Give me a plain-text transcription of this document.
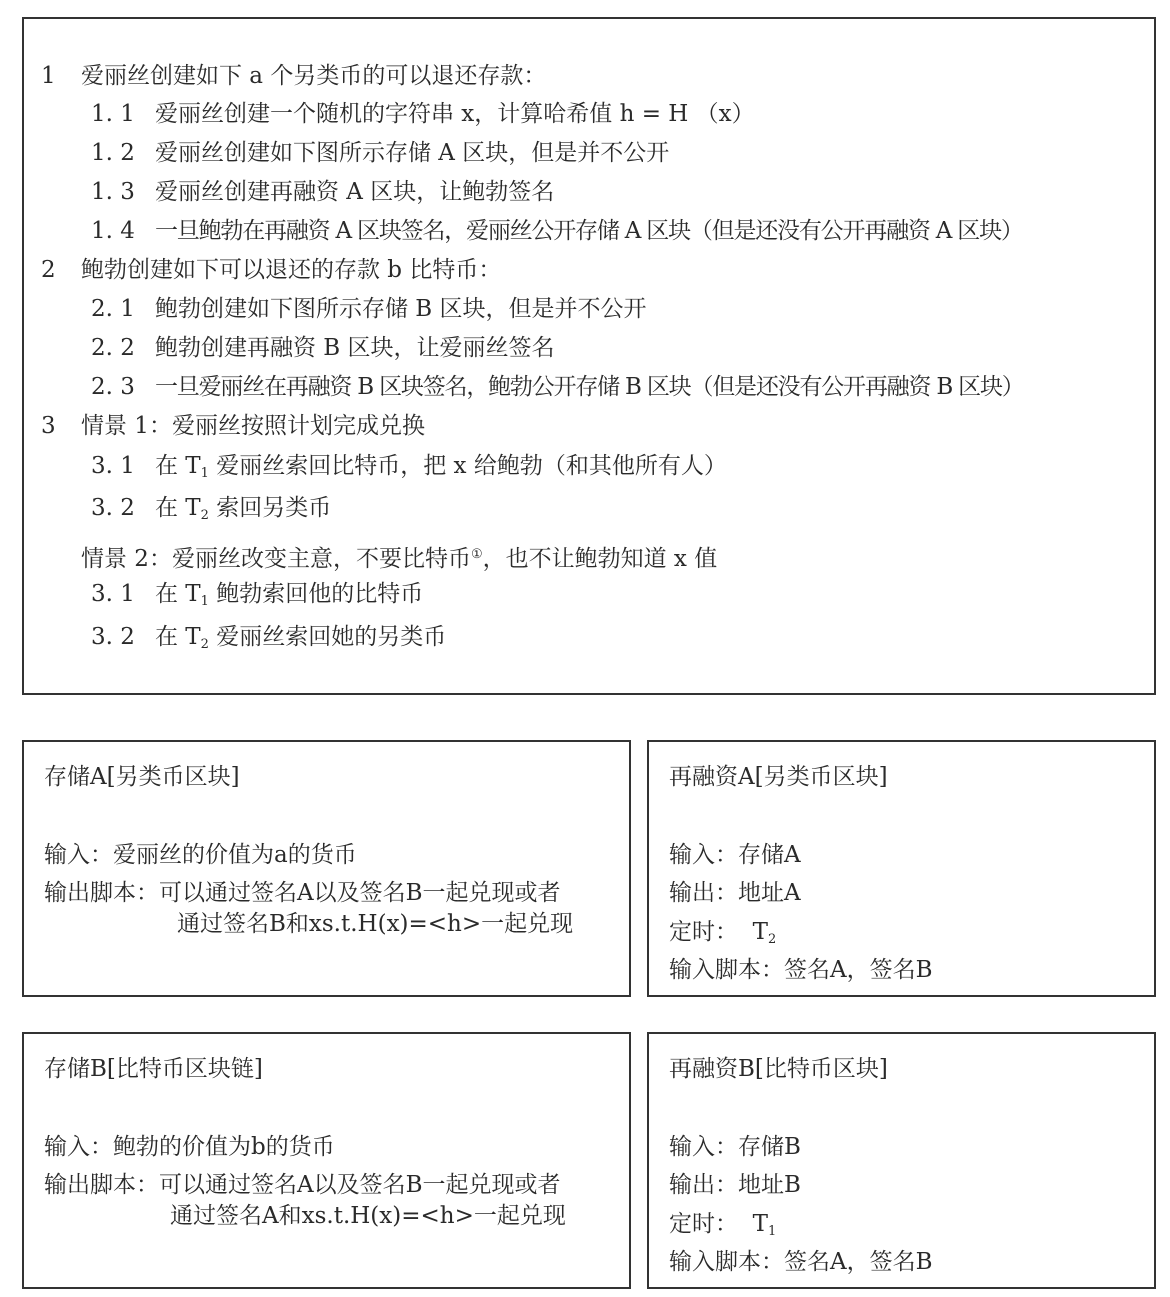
1 爱丽丝创建如下 a 个另类币的可以退还存款：
1. 1 爱丽丝创建一个随机的字符串 x，计算哈希值 h = H （x）
1. 2 爱丽丝创建如下图所示存储 A 区块，但是并不公开
1. 3 爱丽丝创建再融资 A 区块，让鲍勃签名
1. 4 一旦鲍勃在再融资 A 区块签名，爱丽丝公开存储 A 区块（但是还没有公开再融资 A 区块）
2 鲍勃创建如下可以退还的存款 b 比特币：
2. 1 鲍勃创建如下图所示存储 B 区块，但是并不公开
2. 2 鲍勃创建再融资 B 区块，让爱丽丝签名
2. 3 一旦爱丽丝在再融资 B 区块签名，鲍勃公开存储 B 区块（但是还没有公开再融资 B 区块）
3 情景 1：爱丽丝按照计划完成兑换
3. 1 在 $T_1$ 爱丽丝索回比特币，把 x 给鲍勃（和其他所有人）
3. 2 在 $T_2$ 索回另类币
情景 2：爱丽丝改变主意，不要比特币①，也不让鲍勃知道 x 值
3. 1 在 $T_1$ 鲍勃索回他的比特币
3. 2 在 $T_2$ 爱丽丝索回她的另类币
存储A[另类币区块]
输入：爱丽丝的价值为a的货币
输出脚本：可以通过签名A以及签名B一起兑现或者
通过签名B和xs.t.H(x)=<h>一起兑现
再融资A[另类币区块]
输入：存储A
输出：地址A
定时：  $T_2$
输入脚本：签名A，签名B
存储B[比特币区块链]
输入：鲍勃的价值为b的货币
输出脚本：可以通过签名A以及签名B一起兑现或者
通过签名A和xs.t.H(x)=<h>一起兑现
再融资B[比特币区块]
输入：存储B
输出：地址B
定时：  $T_1$
输入脚本：签名A，签名B
